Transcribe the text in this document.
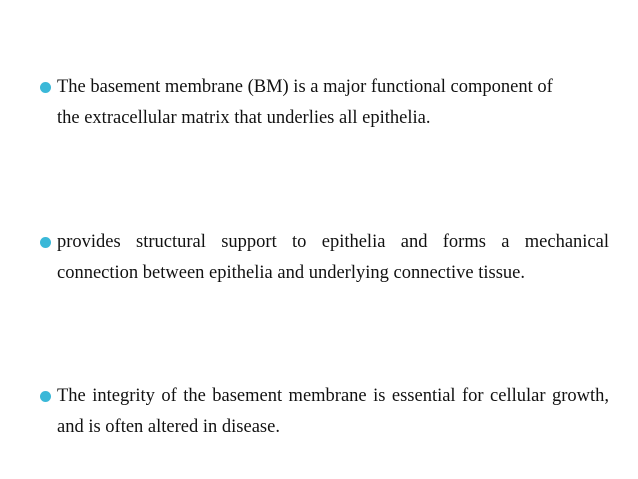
The basement membrane (BM) is a major functional component of the extracellular matrix that underlies all epithelia.
provides structural support to epithelia and forms a mechanical connection between epithelia and underlying connective tissue.
The integrity of the basement membrane is essential for cellular growth, and is often altered in disease.
